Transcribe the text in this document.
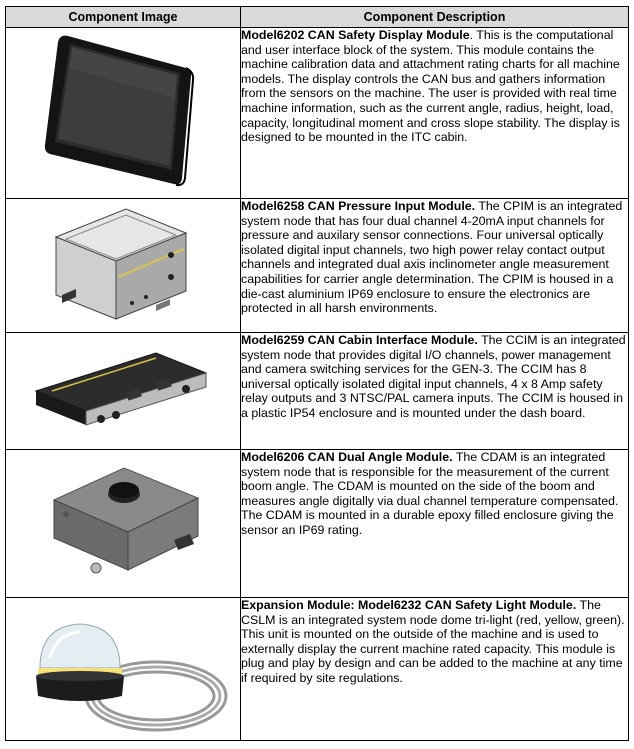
Component Image	Component Description

	Model6202 CAN Safety Display Module. This is the computational and user interface block of the system. This module contains the machine calibration data and attachment rating charts for all machine models. The display controls the CAN bus and gathers information from the sensors on the machine. The user is provided with real time machine information, such as the current angle, radius, height, load, capacity, longitudinal moment and cross slope stability. The display is designed to be mounted in the ITC cabin.

	Model6258 CAN Pressure Input Module. The CPIM is an integrated system node that has four dual channel 4-20mA input channels for pressure and auxilary sensor connections. Four universal optically isolated digital input channels, two high power relay contact output channels and integrated dual axis inclinometer angle measurement capabilities for carrier angle determination. The CPIM is housed in a die-cast aluminium IP69 enclosure to ensure the electronics are protected in all harsh environments.

	Model6259 CAN Cabin Interface Module. The CCIM is an integrated system node that provides digital I/O channels, power management and camera switching services for the GEN-3. The CCIM has 8 universal optically isolated digital input channels, 4 x 8 Amp safety relay outputs and 3 NTSC/PAL camera inputs. The CCIM is housed in a plastic IP54 enclosure and is mounted under the dash board.

	Model6206 CAN Dual Angle Module. The CDAM is an integrated system node that is responsible for the measurement of the current boom angle. The CDAM is mounted on the side of the boom and measures angle digitally via dual channel temperature compensated. The CDAM is mounted in a durable epoxy filled enclosure giving the sensor an IP69 rating.

	Expansion Module: Model6232 CAN Safety Light Module. The CSLM is an integrated system node dome tri-light (red, yellow, green). This unit is mounted on the outside of the machine and is used to externally display the current machine rated capacity. This module is plug and play by design and can be added to the machine at any time if required by site regulations.
